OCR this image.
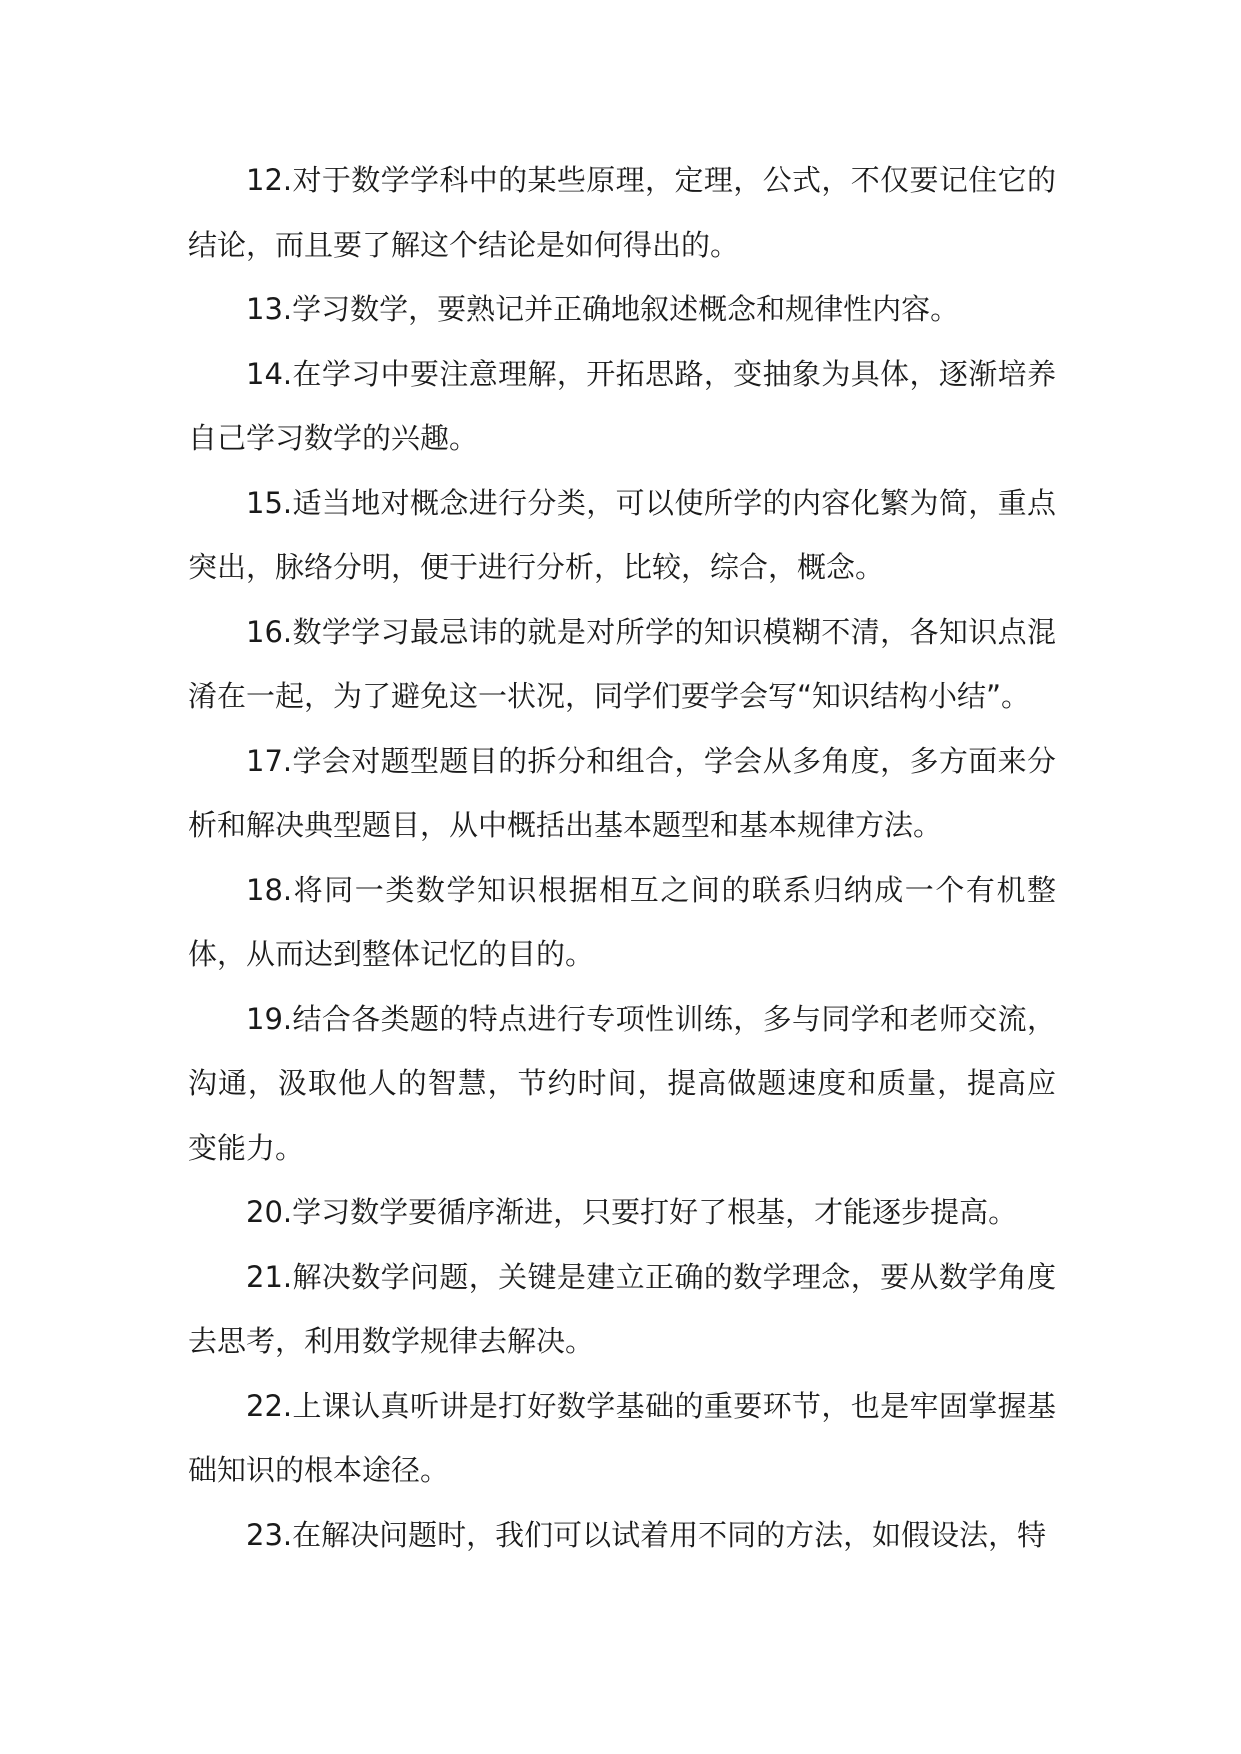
12.对于数学学科中的某些原理，定理，公式，不仅要记住它的结论，而且要了解这个结论是如何得出的。

13.学习数学，要熟记并正确地叙述概念和规律性内容。

14.在学习中要注意理解，开拓思路，变抽象为具体，逐渐培养自己学习数学的兴趣。

15.适当地对概念进行分类，可以使所学的内容化繁为简，重点突出，脉络分明，便于进行分析，比较，综合，概念。

16.数学学习最忌讳的就是对所学的知识模糊不清，各知识点混淆在一起，为了避免这一状况，同学们要学会写“知识结构小结”。

17.学会对题型题目的拆分和组合，学会从多角度，多方面来分析和解决典型题目，从中概括出基本题型和基本规律方法。

18.将同一类数学知识根据相互之间的联系归纳成一个有机整体，从而达到整体记忆的目的。

19.结合各类题的特点进行专项性训练，多与同学和老师交流，沟通，汲取他人的智慧，节约时间，提高做题速度和质量，提高应变能力。

20.学习数学要循序渐进，只要打好了根基，才能逐步提高。

21.解决数学问题，关键是建立正确的数学理念，要从数学角度去思考，利用数学规律去解决。

22.上课认真听讲是打好数学基础的重要环节，也是牢固掌握基础知识的根本途径。

23.在解决问题时，我们可以试着用不同的方法，如假设法，特
